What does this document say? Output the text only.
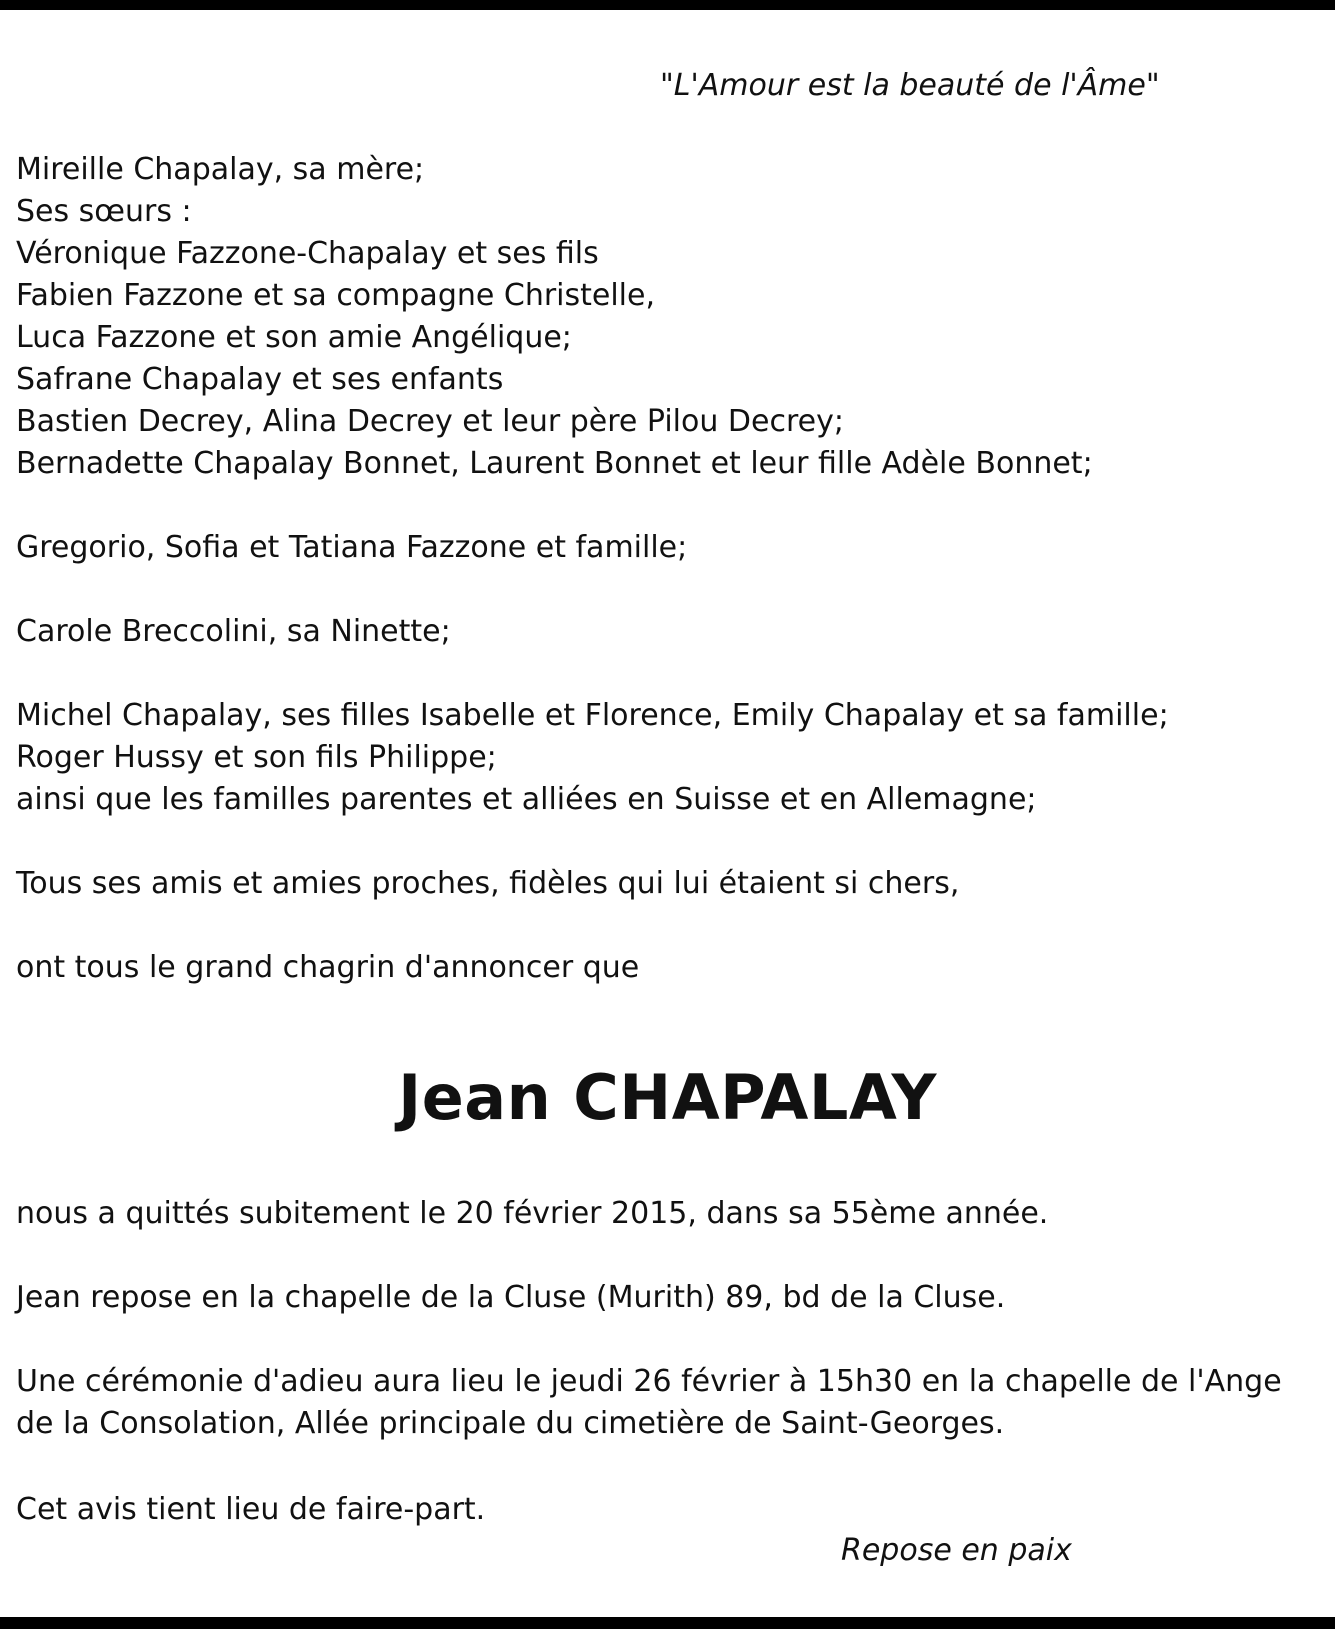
"L'Amour est la beauté de l'Âme"
Mireille Chapalay, sa mère;
Ses sœurs :
Véronique Fazzone-Chapalay et ses fils
Fabien Fazzone et sa compagne Christelle,
Luca Fazzone et son amie Angélique;
Safrane Chapalay et ses enfants
Bastien Decrey, Alina Decrey et leur père Pilou Decrey;
Bernadette Chapalay Bonnet, Laurent Bonnet et leur fille Adèle Bonnet;
Gregorio, Sofia et Tatiana Fazzone et famille;
Carole Breccolini, sa Ninette;
Michel Chapalay, ses filles Isabelle et Florence, Emily Chapalay et sa famille;
Roger Hussy et son fils Philippe;
ainsi que les familles parentes et alliées en Suisse et en Allemagne;
Tous ses amis et amies proches, fidèles qui lui étaient si chers,
ont tous le grand chagrin d'annoncer que
Jean CHAPALAY
nous a quittés subitement le 20 février 2015, dans sa 55ème année.
Jean repose en la chapelle de la Cluse (Murith) 89, bd de la Cluse.
Une cérémonie d'adieu aura lieu le jeudi 26 février à 15h30 en la chapelle de l'Ange
de la Consolation, Allée principale du cimetière de Saint-Georges.
Cet avis tient lieu de faire-part.
Repose en paix
